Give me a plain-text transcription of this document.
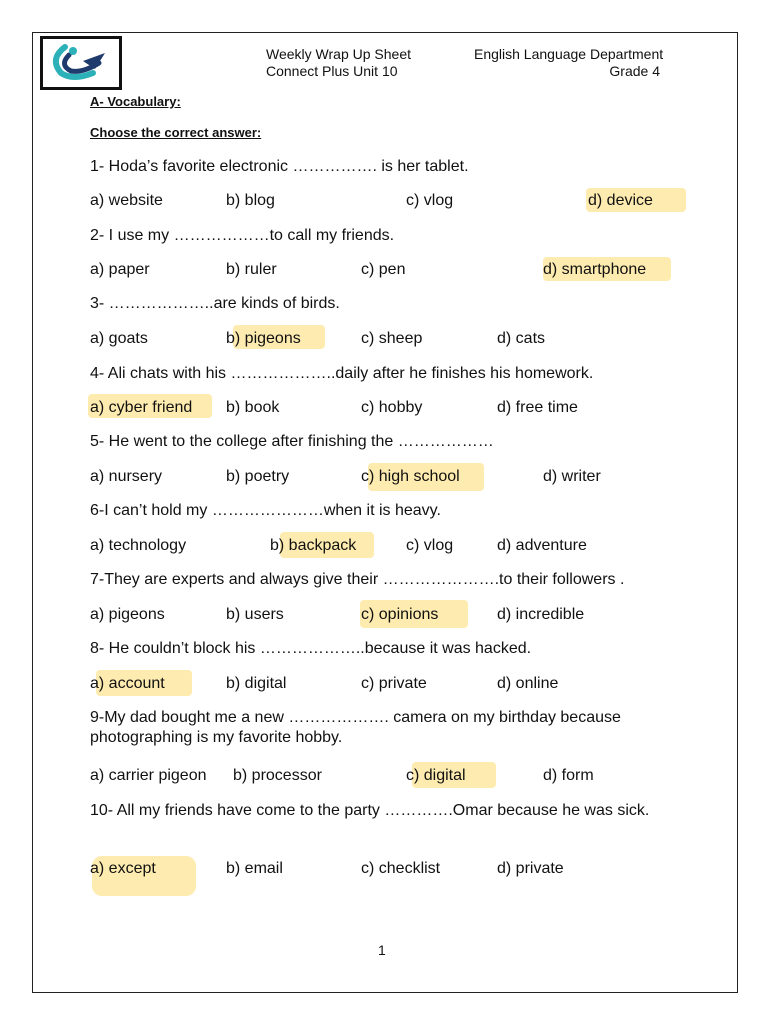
Weekly Wrap Up Sheet
Connect Plus Unit 10
English Language Department
Grade 4
A- Vocabulary:
Choose the correct answer:
1- Hoda’s favorite electronic ……………. is her tablet.
a) website	b) blog	c) vlog	d) device
2- I use my ………………to call my friends.
a) paper	b) ruler	c) pen	d) smartphone
3- ………………..are kinds of birds.
a) goats	b) pigeons	c) sheep	d) cats
4- Ali chats with his ………………..daily after he finishes his homework.
a) cyber friend b) book	c) hobby	d) free time
5- He went to the college after finishing the ………………
a) nursery	b) poetry	c) high school	d) writer
6-I can’t hold my …………………when it is heavy.
a) technology	b) backpack	c) vlog	d) adventure
7-They are experts and always give their ………………….to their followers .
a) pigeons	b) users	c) opinions	d) incredible
8- He couldn’t block his ………………..because it was hacked.
a) account	b) digital	c) private	d) online
9-My dad bought me a new ………………. camera on my birthday because photographing is my favorite hobby.
a) carrier pigeon b) processor	c) digital	d) form
10- All my friends have come to the party ………….Omar because he was sick.
a) except	b) email	c) checklist	d) private
1
